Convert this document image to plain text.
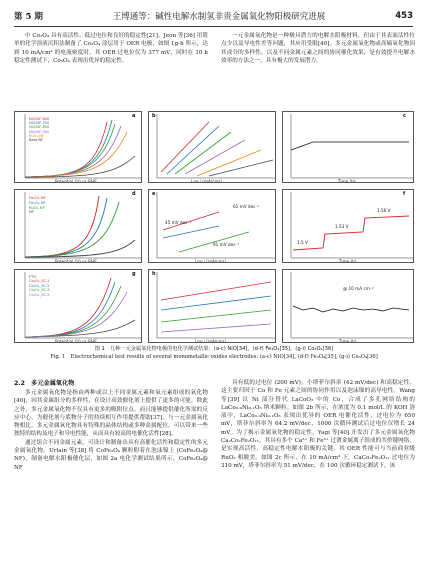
第 5 期	王博通等：碱性电解水制氢非贵金属氧化物阳极研究进展	453

中 Co₃O₄ 具有高活性、低过电位和良好的稳定性[21]。Jeon 等[36] 用简单的化学溶液沉积法制备了 Co₃O₄ 涂层用于 OER 电极，如图 1g-h 所示，达到 10 mA/cm² 的电流密度时，其 OER 过电位仅为 377 mV，同时在 10 h 稳定性测试下，Co₃O₄ 表现出优异的稳定性。

一元金属氧化物是一种极具潜力的电解水阳极材料，但由于其表面活性位点少以及导电性差等问题，其应用受限[40]。多元金属氧化物或高熵氧化物因其成分的多样性，以及不同金属元素之间的协同催化效果，是有效提升电解水效率的方法之一，具有极大的发展潜力。

a
Potential (V) vs RHE
Ni/CNF-600
Ni/CNF-700
Ni/CNF-800
Ni/CNF-900
RuO₂-NF
Bare NF
b
Log j (mA/cm²)
c
Time (h)
d
Potential (V) vs RHE
Fe₂O₃-NF
Fe₃O₄-NF
RuO₂-NF
NF
e
61 mV dec⁻¹
45 mV dec⁻¹
91 mV dec⁻¹
Log j (mA/cm²)
f
1.5 V
1.53 V
1.56 V
Time (h)
g
Potential (V) vs RHE
FTO
Co₃O₄_SC-1
Co₃O₄_SC-2
Co₃O₄_SC-3
Co₃O₄_SC-5
h
Log j (mA/cm²)
@ 10 mA cm⁻²
Time (h)
图 1　几种一元金属氧化物电极的电化学测试结果：(a-c) NiO[34]，(d-f) Fe₃O₄[35]，(g-i) Co₃O₄[36]
Fig. 1　Electrochemical test results of several monometallic oxides electrodes: (a-c) NiO[34], (d-f) Fe₃O₄[35], (g-i) Co₃O₄[36]

2.2　多元金属氧化物

多元金属氧化物是指由两种或以上不同金属元素和氧元素组成的氧化物[40]，因其金属组分的多样性，在设计高效催化剂上提供了更多的可能。除此之外，多元金属氧化物不仅具有更多的吸附位点，而且能够提供催化所需的反应中心，为催化剂与底物分子的持续相互作用提供帮助[37]。与一元金属氧化物相比，多元金属氧化物具有特殊的晶体结构或多种金属配位，可以带来一些独特的结构及电子和导电性能，从而具有较高的电催化活性[28]。

通过组合不同金属元素，可设计和制备出具有高催化活性和稳定性的多元金属氧化物。Urlain 等[38] 将 CoFe₂O₄ 颗粒附着在泡沫镍上 (CoFe₂O₄@ NF)，制备电解水阳极催化层，如图 2a 电化学测试结果所示，CoFe₂O₄@ NF

具有低的过电位 (200 mV)，小塔菲尔斜率 (42 mV/dec) 和高稳定性，这主要归因于 Co 和 Fe 元素之间的协同作用以及泡沫镍的高导电性。Wang 等[39] 以 Ni 部分替代 LaCoO₃ 中的 Co，合成了多孔网络结构的 LaCo₀.₉Ni₀.₁O₃ 纳米颗粒。如图 2b 所示，在浓度为 0.1 mol/L 的 KOH 溶液中，LaCo₀.₉Ni₀.₁O₃ 表现出优异的 OER 电催化活性，过电位为 650 mV，塔菲尔斜率为 64.2 mV/dec，1000 次循环测试后过电位仅增长 24 mV。为了揭示金属氧化物的稳定性，Yagi 等[40] 开发出了多元金属氧化物 Ca₂Co₂Fe₂O₁₁，其具有多个 Ca²⁺ 和 Fe³⁺ 过渡金属离子组成的共价键网络，是实现高活性、高稳定性电解水阳极的关键。其 OER 性能可与当前商业级 RuO₂ 相媲美。如图 2c 所示，在 10 mA/cm² 下，CaCo₂Fe₂O₁₁ 过电位为 310 mV，塔菲尔斜率为 51 mV/dec，在 100 次循环稳定测试下，该
